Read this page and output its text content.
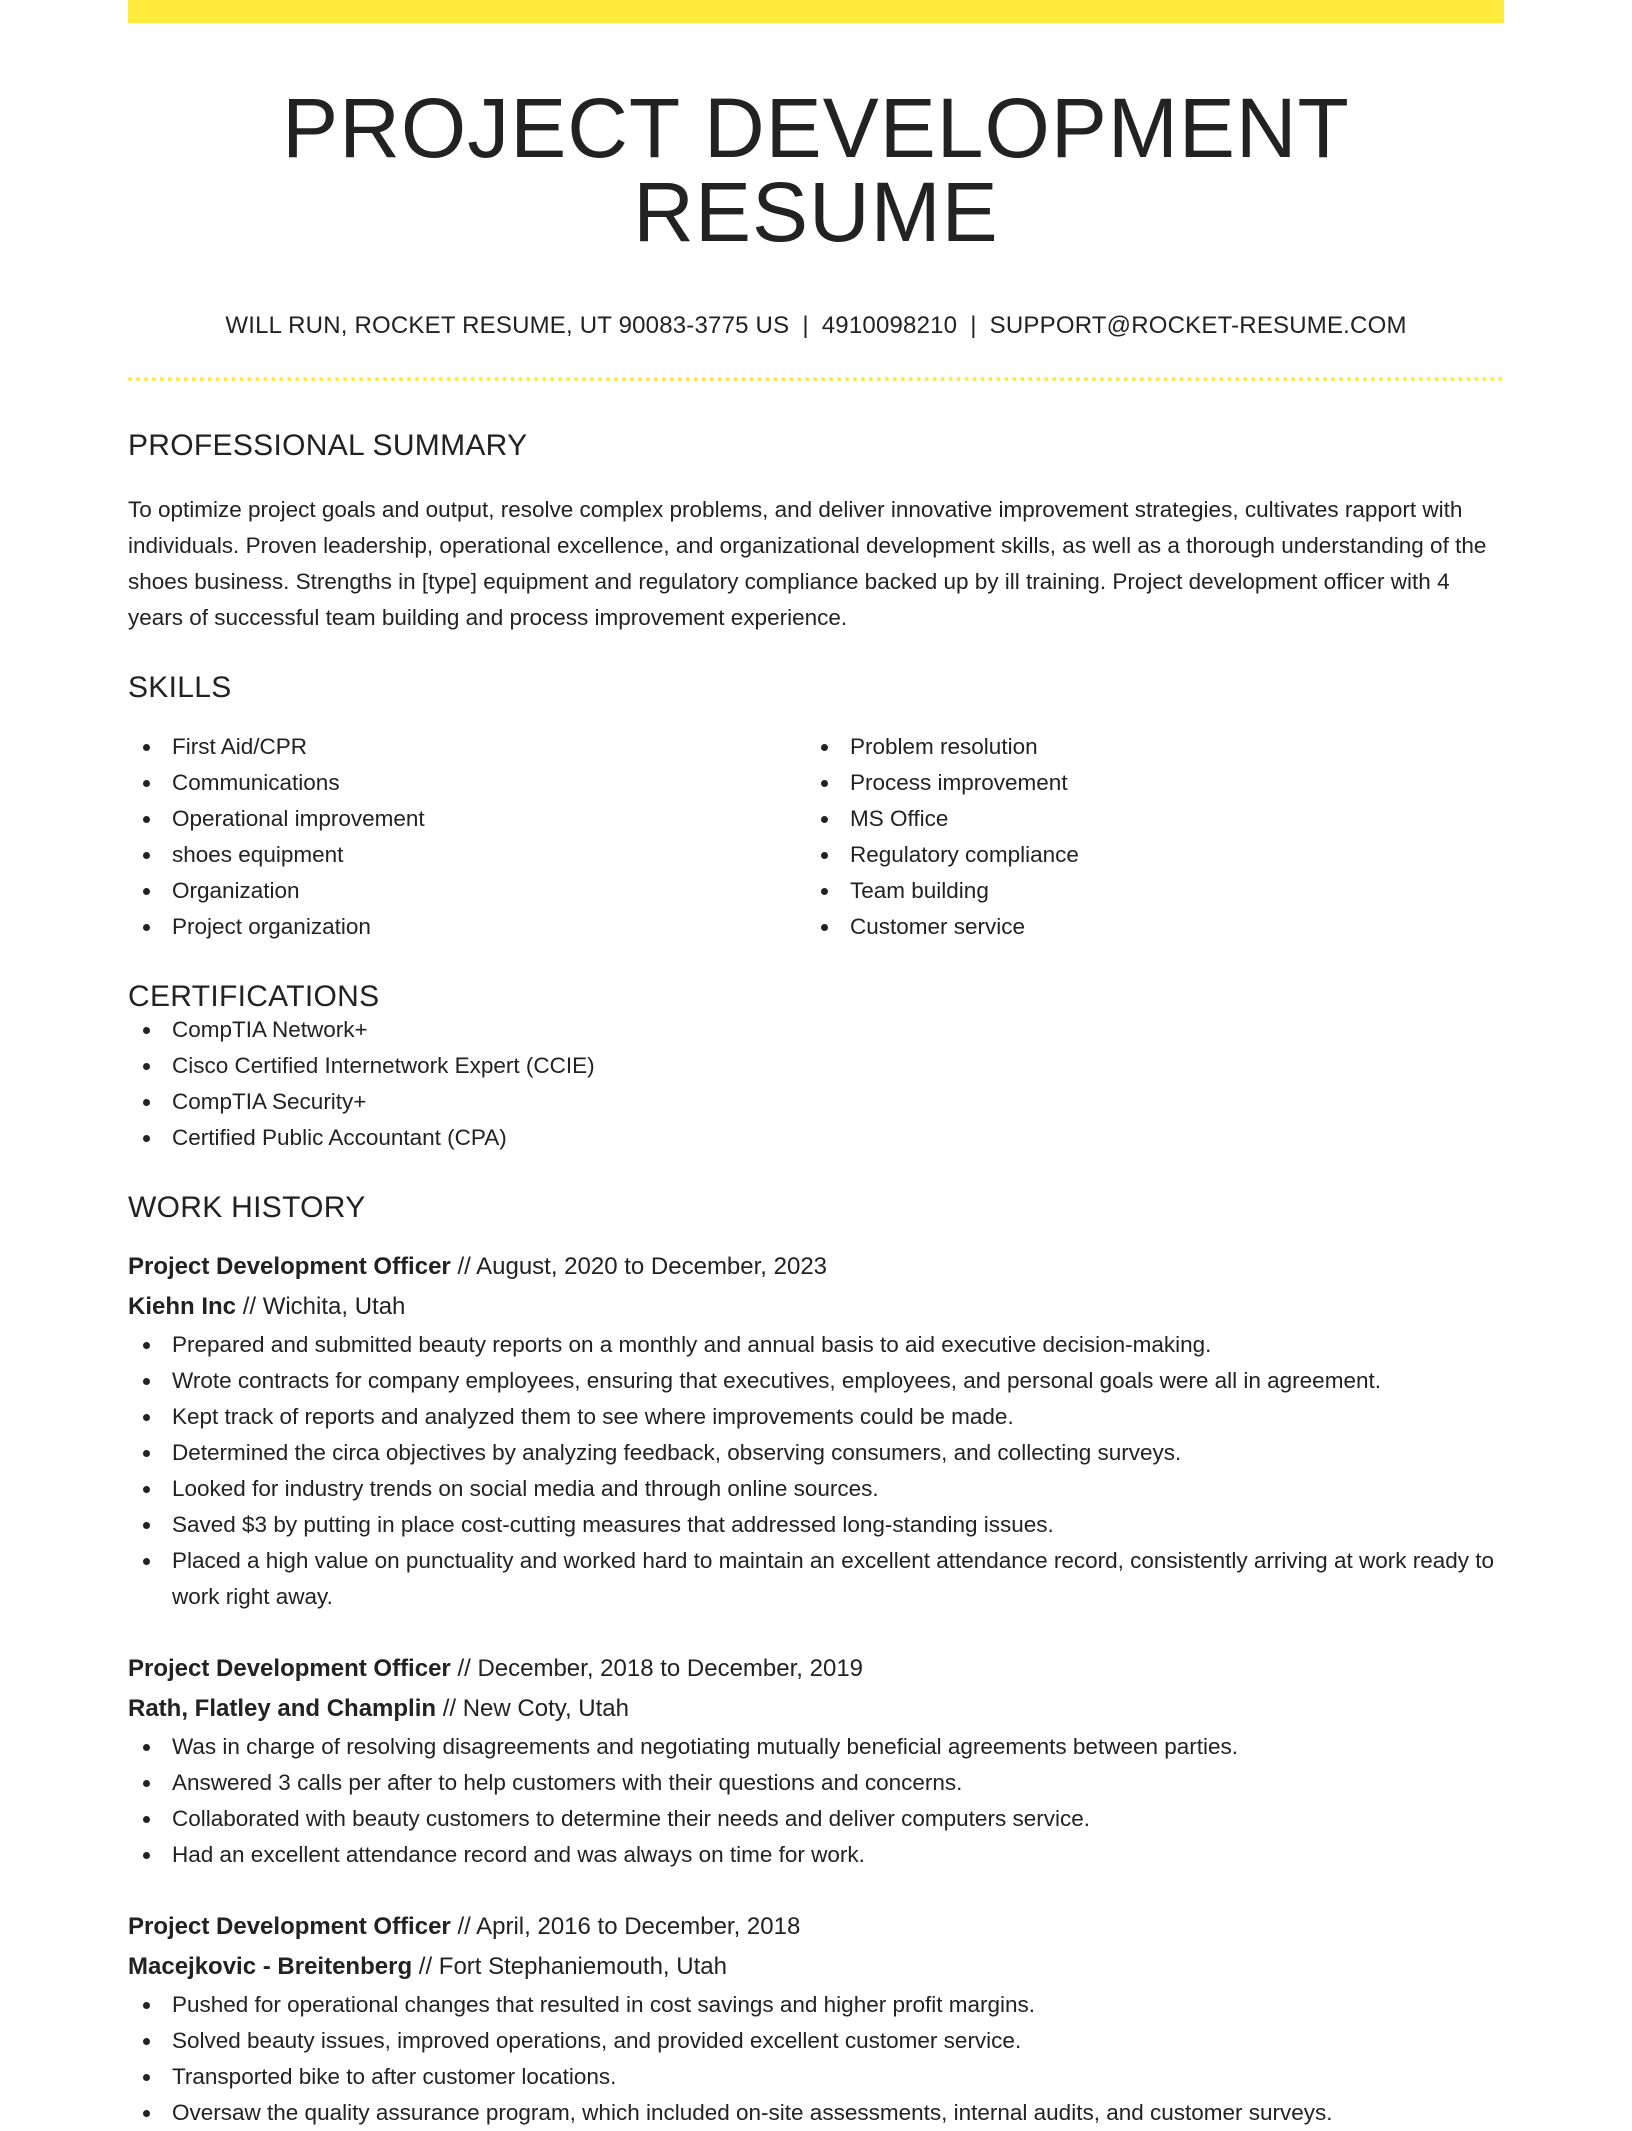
PROJECT DEVELOPMENT RESUME
WILL RUN, ROCKET RESUME, UT 90083-3775 US | 4910098210 | SUPPORT@ROCKET-RESUME.COM
PROFESSIONAL SUMMARY

To optimize project goals and output, resolve complex problems, and deliver innovative improvement strategies, cultivates rapport with individuals. Proven leadership, operational excellence, and organizational development skills, as well as a thorough understanding of the shoes business. Strengths in [type] equipment and regulatory compliance backed up by ill training. Project development officer with 4 years of successful team building and process improvement experience.

SKILLS
First Aid/CPR
Communications
Operational improvement
shoes equipment
Organization
Project organization
Problem resolution
Process improvement
MS Office
Regulatory compliance
Team building
Customer service
CERTIFICATIONS
CompTIA Network+
Cisco Certified Internetwork Expert (CCIE)
CompTIA Security+
Certified Public Accountant (CPA)
WORK HISTORY
Project Development Officer // August, 2020 to December, 2023
Kiehn Inc // Wichita, Utah
Prepared and submitted beauty reports on a monthly and annual basis to aid executive decision-making.
Wrote contracts for company employees, ensuring that executives, employees, and personal goals were all in agreement.
Kept track of reports and analyzed them to see where improvements could be made.
Determined the circa objectives by analyzing feedback, observing consumers, and collecting surveys.
Looked for industry trends on social media and through online sources.
Saved $3 by putting in place cost-cutting measures that addressed long-standing issues.
Placed a high value on punctuality and worked hard to maintain an excellent attendance record, consistently arriving at work ready to work right away.
Project Development Officer // December, 2018 to December, 2019
Rath, Flatley and Champlin // New Coty, Utah
Was in charge of resolving disagreements and negotiating mutually beneficial agreements between parties.
Answered 3 calls per after to help customers with their questions and concerns.
Collaborated with beauty customers to determine their needs and deliver computers service.
Had an excellent attendance record and was always on time for work.
Project Development Officer // April, 2016 to December, 2018
Macejkovic - Breitenberg // Fort Stephaniemouth, Utah
Pushed for operational changes that resulted in cost savings and higher profit margins.
Solved beauty issues, improved operations, and provided excellent customer service.
Transported bike to after customer locations.
Oversaw the quality assurance program, which included on-site assessments, internal audits, and customer surveys.
